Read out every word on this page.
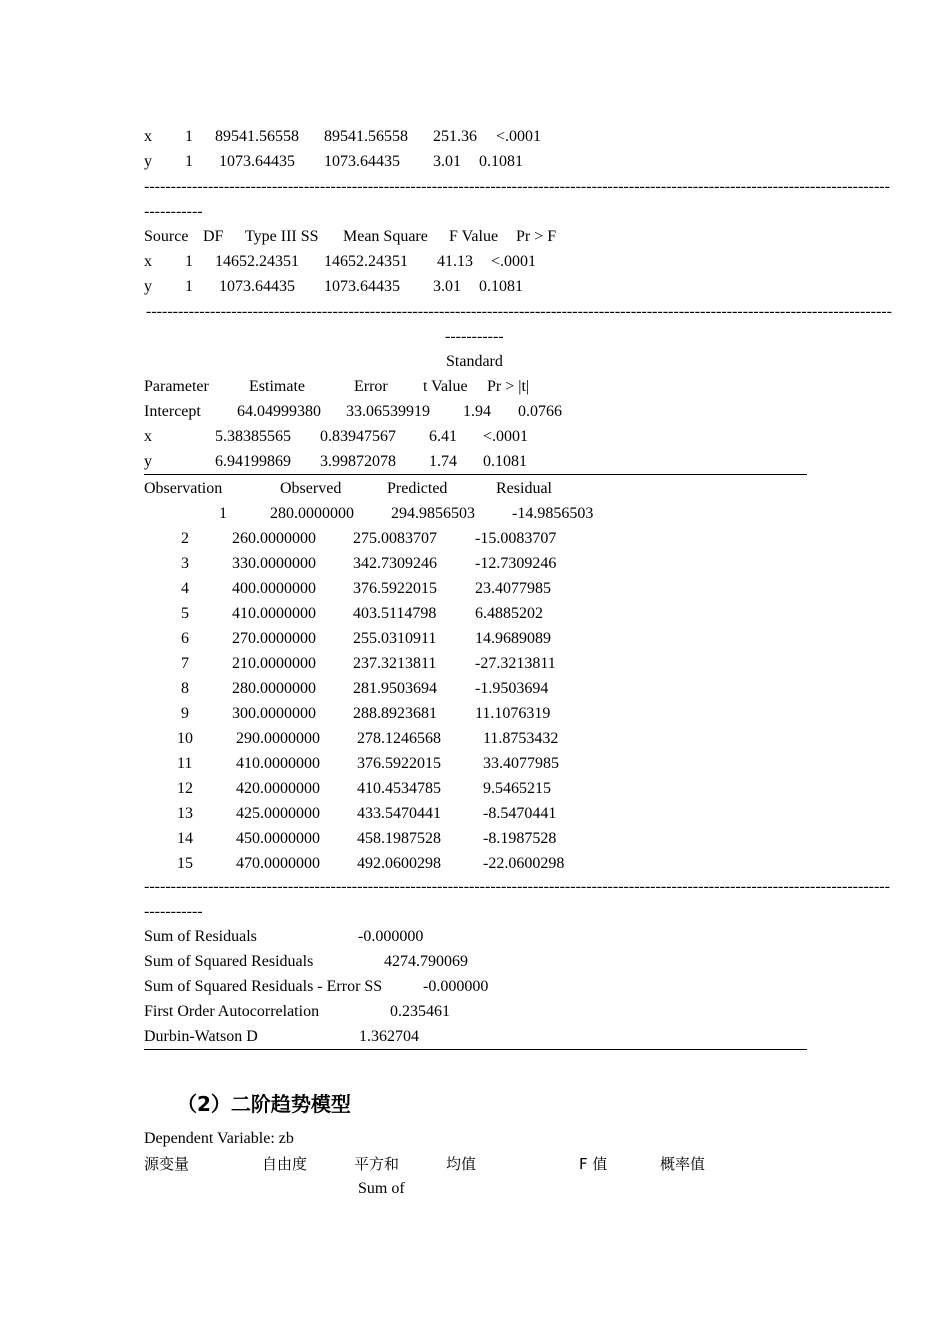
x 1 89541.56558 89541.56558 251.36 <.0001
y 1 1073.64435 1073.64435 3.01 0.1081
--------------------------------------------------------------------------------------------------------------------------------------------
-----------
Source DF Type III SS Mean Square F Value Pr > F
x 1 14652.24351 14652.24351 41.13 <.0001
y 1 1073.64435 1073.64435 3.01 0.1081
--------------------------------------------------------------------------------------------------------------------------------------------
-----------
Standard
Parameter	Estimate	Error t Value Pr > |t|
Intercept 64.04999380 33.06539919 1.94 0.0766
x	5.38385565 0.83947567 6.41 <.0001
y	6.94199869 3.99872078 1.74 0.1081
Observation	Observed	Predicted	Residual
1	280.0000000 294.9856503 -14.9856503
2	260.0000000 275.0083707 -15.0083707
3	330.0000000 342.7309246 -12.7309246
4	400.0000000 376.5922015 23.4077985
5	410.0000000 403.5114798 6.4885202
6	270.0000000 255.0310911 14.9689089
7	210.0000000 237.3213811 -27.3213811
8	280.0000000 281.9503694 -1.9503694
9	300.0000000 288.8923681 11.1076319
10	290.0000000 278.1246568	11.8753432
11	410.0000000 376.5922015	33.4077985
12	420.0000000 410.4534785	9.5465215
13	425.0000000 433.5470441	-8.5470441
14	450.0000000 458.1987528	-8.1987528
15	470.0000000 492.0600298	-22.0600298
--------------------------------------------------------------------------------------------------------------------------------------------
-----------
Sum of Residuals	-0.000000
Sum of Squared Residuals	4274.790069
Sum of Squared Residuals - Error SS	-0.000000
First Order Autocorrelation	0.235461
Durbin-Watson D	1.362704
（2）二阶趋势模型
Dependent Variable: zb
源变量	自由度	平方和	均值	F 值	概率值
Sum of
